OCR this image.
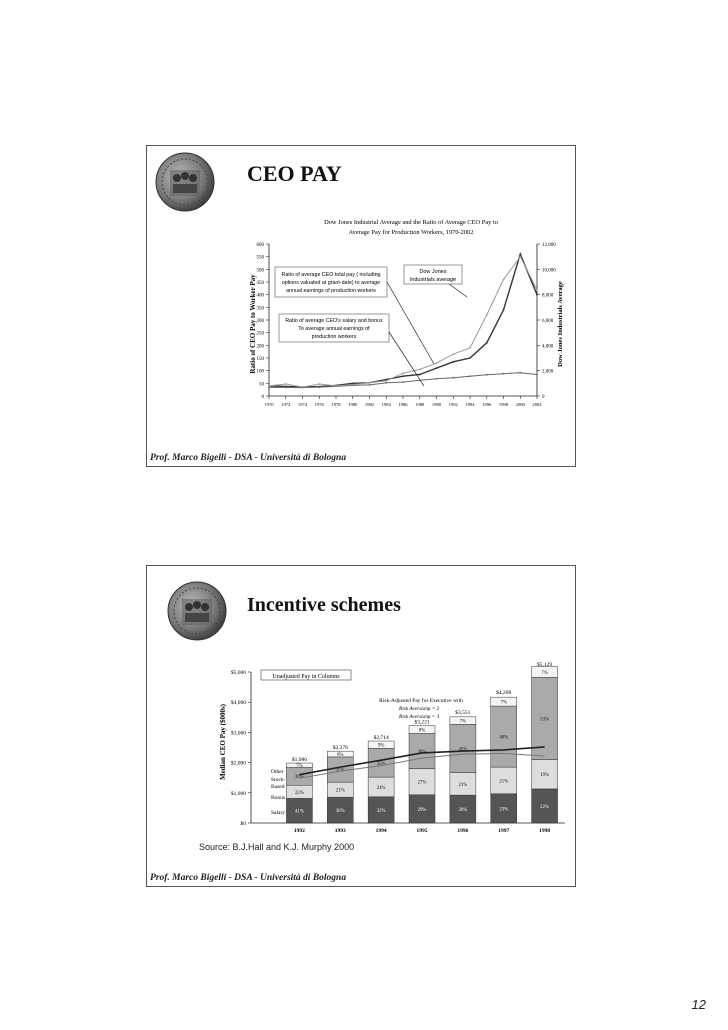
CEO PAY
Dow Jones Industrial Average and the Ratio of Average CEO Pay to
Average Pay for Production Workers, 1970-2002
Ratio of CEO Pay to Worker Pay	Dow Jones Industrials Average
0
50
100
150
200
250
300
350
400
450
500
550
600
0
2,000
4,000
6,000
8,000
10,000
12,000
1970 1972 1974 1976 1978 1980 1982 1984 1986 1988 1990 1992 1994 1996 1998 2000 2002
Ratio of average CEO total pay ( including
options valuated at grant-date) to average
annual earnings of production workers
Ratio of average CEO's salary and bonus
To average annual earnings of
production workers
Dow Jones
Industrials average
Prof. Marco Bigelli - DSA - Università di Bologna
Incentive schemes
Median CEO Pay ($000s)
Unadjusted Pay in Columns
Risk-Adjusted Pay for Executive with
Risk Aversionρ = 2
Risk Aversionρ = 3
$0
$1,000
$2,000
$3,000
$4,000
$5,000
41%
22%
30%
7%
$1,986
1992
36%
21%
35%
8%
$2,378
1993
32%
24%
35%
9%
$2,714
1994
29%
27%
36%
8%
$3,221
1995
26%
21%
45%
7%
$3,551
1996
23%
21%
48%
7%
$4,208
1997
22%
19%
53%
7%
$5,129
1998
Other
Stock-
Based
Bonus
Salary
Source: B.J.Hall and K.J. Murphy 2000
Prof. Marco Bigelli - DSA - Università di Bologna
12
